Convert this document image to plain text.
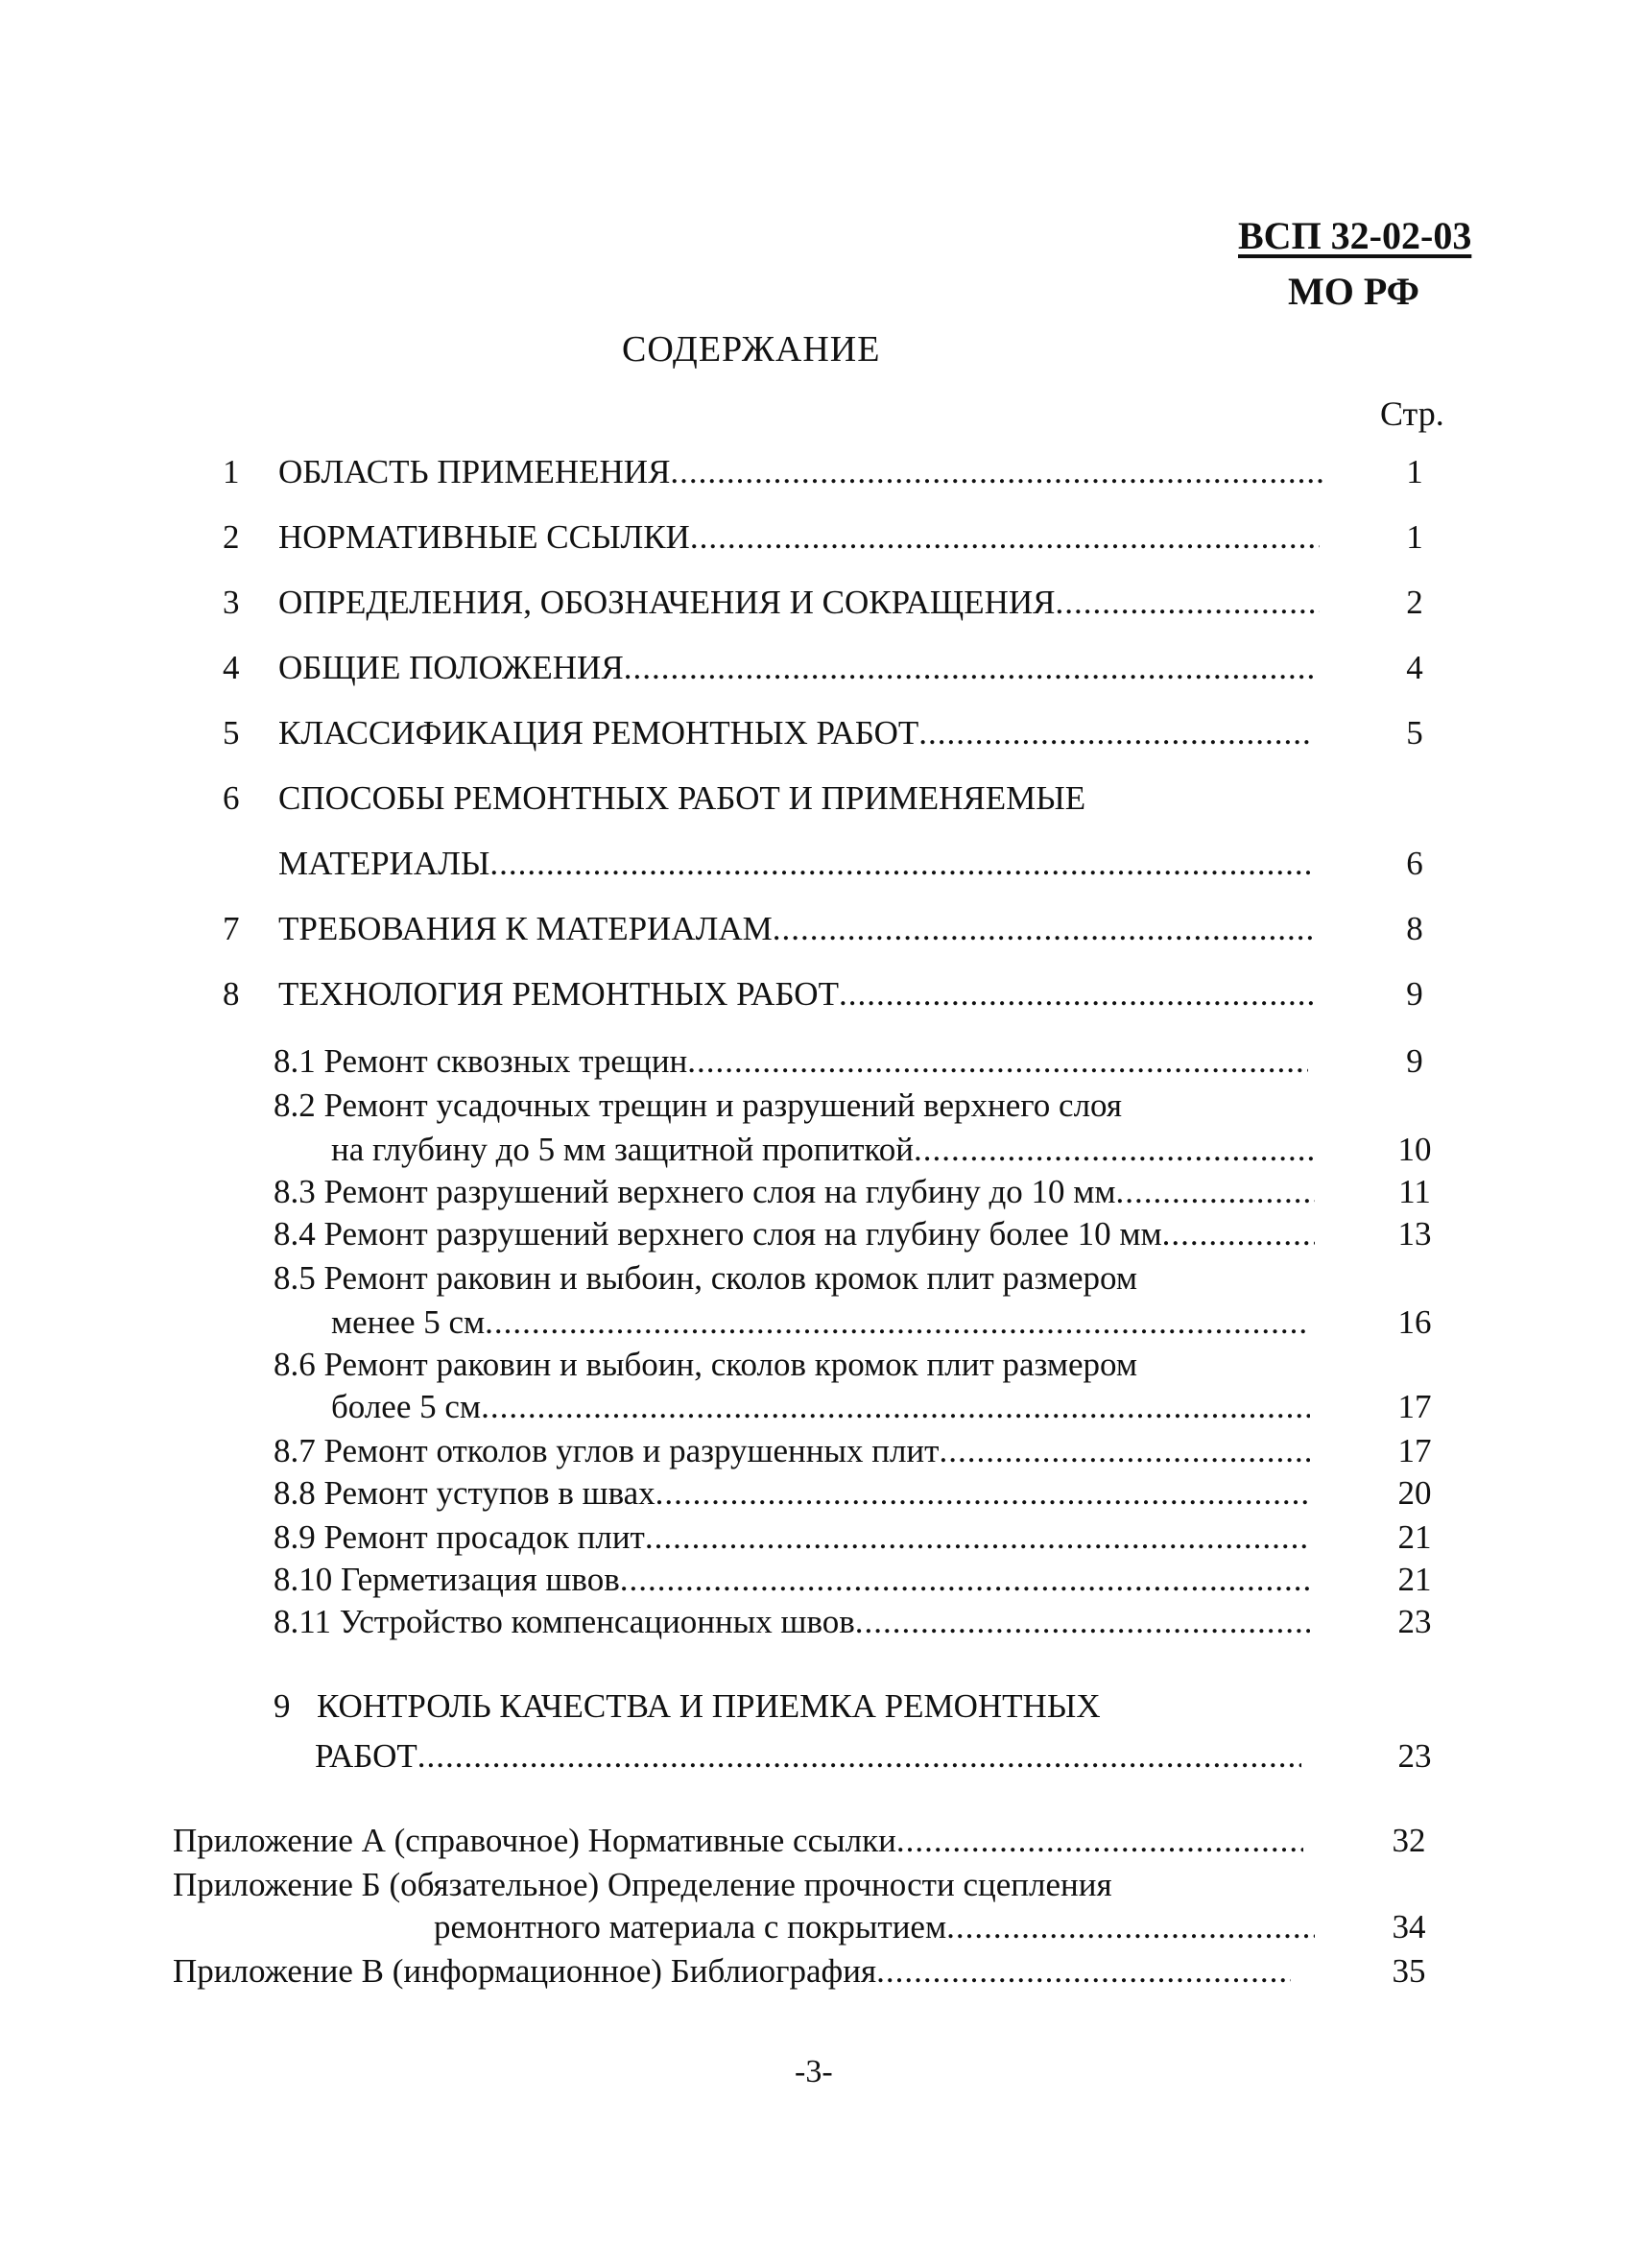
ВСП 32-02-03
МО РФ
СОДЕРЖАНИЕ
Стр.
1 ОБЛАСТЬ ПРИМЕНЕНИЯ .....	1
2 НОРМАТИВНЫЕ ССЫЛКИ .....	1
3 ОПРЕДЕЛЕНИЯ, ОБОЗНАЧЕНИЯ И СОКРАЩЕНИЯ .....	2
4 ОБЩИЕ ПОЛОЖЕНИЯ .....	4
5 КЛАССИФИКАЦИЯ РЕМОНТНЫХ РАБОТ .....	5
6 СПОСОБЫ РЕМОНТНЫХ РАБОТ И ПРИМЕНЯЕМЫЕ
МАТЕРИАЛЫ .....	6
7 ТРЕБОВАНИЯ К МАТЕРИАЛАМ .....	8
8 ТЕХНОЛОГИЯ РЕМОНТНЫХ РАБОТ .....	9
8.1 Ремонт сквозных трещин .....	9
8.2 Ремонт усадочных трещин и разрушений верхнего слоя
на глубину до 5 мм защитной пропиткой .....	10
8.3 Ремонт разрушений верхнего слоя на глубину до 10 мм .....	11
8.4 Ремонт разрушений верхнего слоя на глубину более 10 мм .....	13
8.5 Ремонт раковин и выбоин, сколов кромок плит размером
менее 5 см .....	16
8.6 Ремонт раковин и выбоин, сколов кромок плит размером
более 5 см .....	17
8.7 Ремонт отколов углов и разрушенных плит .....	17
8.8 Ремонт уступов в швах .....	20
8.9 Ремонт просадок плит .....	21
8.10 Герметизация швов .....	21
8.11 Устройство компенсационных швов .....	23
9 КОНТРОЛЬ КАЧЕСТВА И ПРИЕМКА РЕМОНТНЫХ
РАБОТ .....	23
Приложение А (справочное) Нормативные ссылки .....	32
Приложение Б (обязательное) Определение прочности сцепления
ремонтного материала с покрытием .....	34
Приложение В (информационное) Библиография .....	35
-3-
